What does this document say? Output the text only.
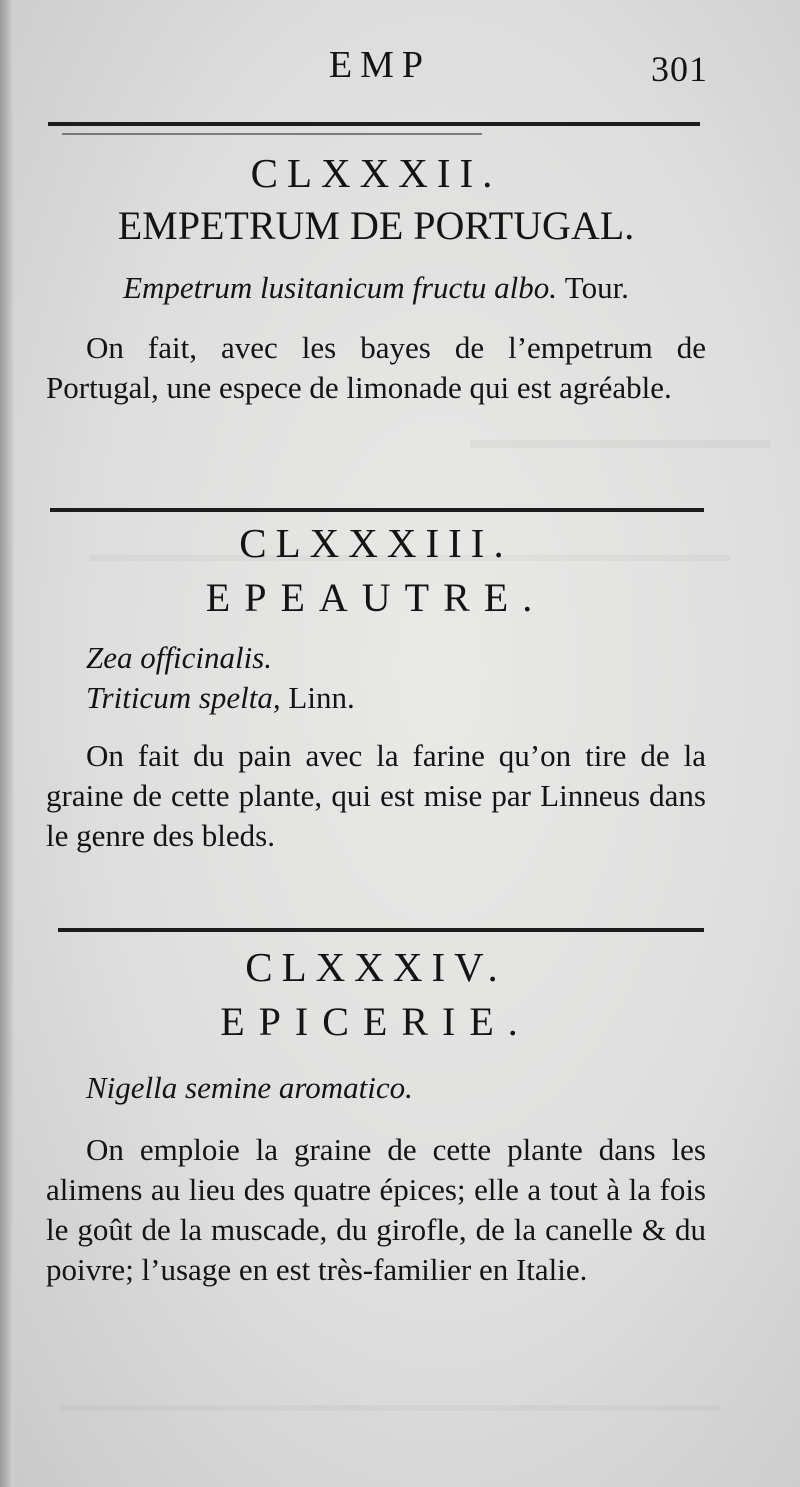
EMP	301
CLXXXII.
EMPETRUM DE PORTUGAL.

Empetrum lusitanicum fructu albo. Tour.

On fait, avec les bayes de l’empetrum de Portugal, une espece de limonade qui est agréable.

CLXXXIII.
EPEAUTRE.

Zea officinalis.

Triticum spelta, Linn.

On fait du pain avec la farine qu’on tire de la graine de cette plante, qui est mise par Linneus dans le genre des bleds.

CLXXXIV.
EPICERIE.

Nigella semine aromatico.

On emploie la graine de cette plante dans les alimens au lieu des quatre épices; elle a tout à la fois le goût de la muscade, du girofle, de la canelle & du poivre; l’usage en est très-familier en Italie.
